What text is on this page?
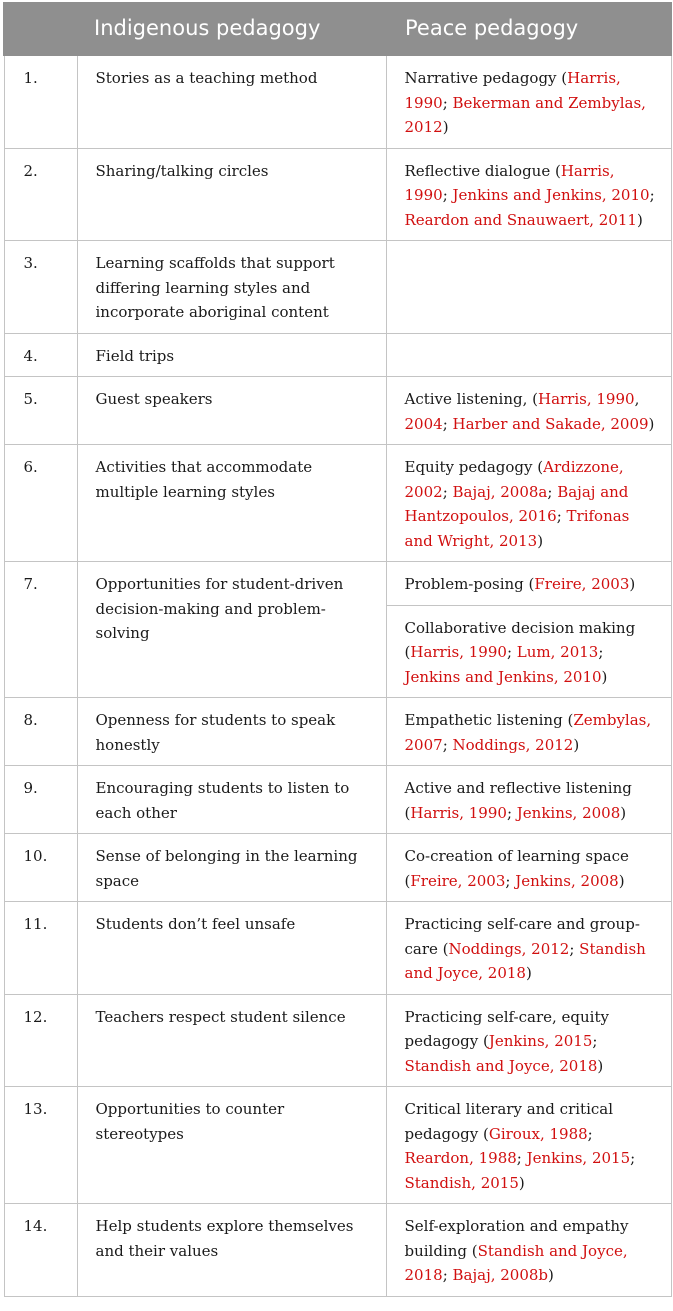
	Indigenous pedagogy	Peace pedagogy
1.	Stories as a teaching method	Narrative pedagogy (Harris, 1990; Bekerman and Zembylas, 2012)
2.	Sharing/talking circles	Reflective dialogue (Harris, 1990; Jenkins and Jenkins, 2010; Reardon and Snauwaert, 2011)
3.	Learning scaffolds that support differing learning styles and incorporate aboriginal content	
4.	Field trips	
5.	Guest speakers	Active listening, (Harris, 1990, 2004; Harber and Sakade, 2009)
6.	Activities that accommodate multiple learning styles	Equity pedagogy (Ardizzone, 2002; Bajaj, 2008a; Bajaj and Hantzopoulos, 2016; Trifonas and Wright, 2013)
7.	Opportunities for student-driven decision-making and problem-solving	Problem-posing (Freire, 2003)
		Collaborative decision making (Harris, 1990; Lum, 2013; Jenkins and Jenkins, 2010)
8.	Openness for students to speak honestly	Empathetic listening (Zembylas, 2007; Noddings, 2012)
9.	Encouraging students to listen to each other	Active and reflective listening (Harris, 1990; Jenkins, 2008)
10.	Sense of belonging in the learning space	Co-creation of learning space (Freire, 2003; Jenkins, 2008)
11.	Students don’t feel unsafe	Practicing self-care and group-care (Noddings, 2012; Standish and Joyce, 2018)
12.	Teachers respect student silence	Practicing self-care, equity pedagogy (Jenkins, 2015; Standish and Joyce, 2018)
13.	Opportunities to counter stereotypes	Critical literary and critical pedagogy (Giroux, 1988; Reardon, 1988; Jenkins, 2015; Standish, 2015)
14.	Help students explore themselves and their values	Self-exploration and empathy building (Standish and Joyce, 2018; Bajaj, 2008b)
